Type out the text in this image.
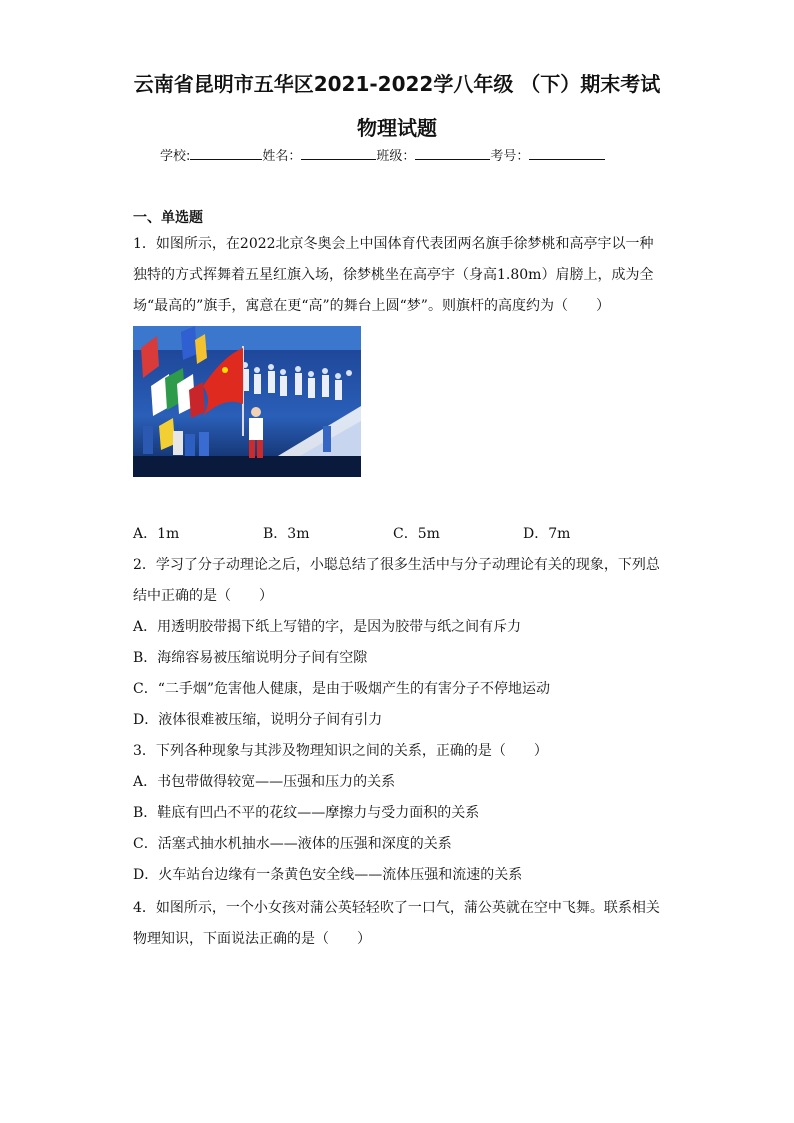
云南省昆明市五华区2021-2022学八年级 （下）期末考试
物理试题
学校:	姓名：	班级：	考号：
一、单选题
1．如图所示，在2022北京冬奥会上中国体育代表团两名旗手徐梦桃和高亭宇以一种
独特的方式挥舞着五星红旗入场，徐梦桃坐在高亭宇（身高1.80m）肩膀上，成为全
场“最高的”旗手，寓意在更“高”的舞台上圆“梦”。则旗杆的高度约为（　　）
A．1m	B．3m	C．5m	D．7m
2．学习了分子动理论之后，小聪总结了很多生活中与分子动理论有关的现象，下列总
结中正确的是（　　）
A．用透明胶带揭下纸上写错的字，是因为胶带与纸之间有斥力
B．海绵容易被压缩说明分子间有空隙
C．“二手烟”危害他人健康，是由于吸烟产生的有害分子不停地运动
D．液体很难被压缩，说明分子间有引力
3．下列各种现象与其涉及物理知识之间的关系，正确的是（　　）
A．书包带做得较宽——压强和压力的关系
B．鞋底有凹凸不平的花纹——摩擦力与受力面积的关系
C．活塞式抽水机抽水——液体的压强和深度的关系
D．火车站台边缘有一条黄色安全线——流体压强和流速的关系
4．如图所示，一个小女孩对蒲公英轻轻吹了一口气，蒲公英就在空中飞舞。联系相关
物理知识，下面说法正确的是（　　）
